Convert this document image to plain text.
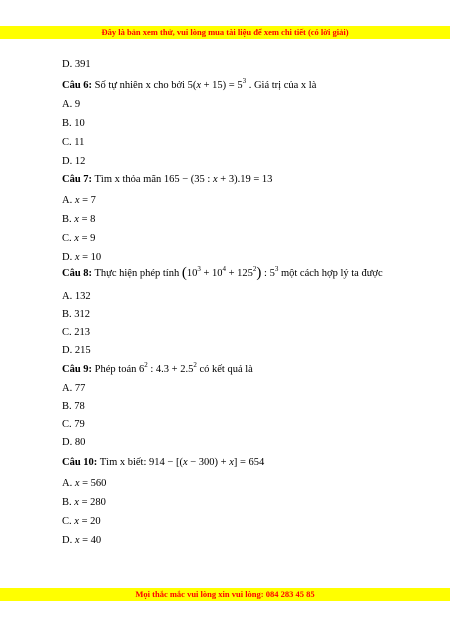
Đây là bản xem thử, vui lòng mua tài liệu để xem chi tiết (có lời giải)
D. 391
Câu 6: Số tự nhiên x cho bởi $5(x + 15) = 5^3$ . Giá trị của x là
A. 9
B. 10
C. 11
D. 12
Câu 7: Tìm x thỏa mãn 165 − (35 : x + 3).19 = 13
A. x = 7
B. x = 8
C. x = 9
D. x = 10
Câu 8: Thực hiện phép tính $(10^3 + 10^4 + 125^2)$ : $5^3$ một cách hợp lý ta được
A. 132
B. 312
C. 213
D. 215
Câu 9: Phép toán $6^2$ : $4.3 + 2.5^2$ có kết quả là
A. 77
B. 78
C. 79
D. 80
Câu 10: Tìm x biết: 914 − [(x − 300) + x] = 654
A. x = 560
B. x = 280
C. x = 20
D. x = 40
Mọi thắc mắc vui lòng xin vui lòng: 084 283 45 85
